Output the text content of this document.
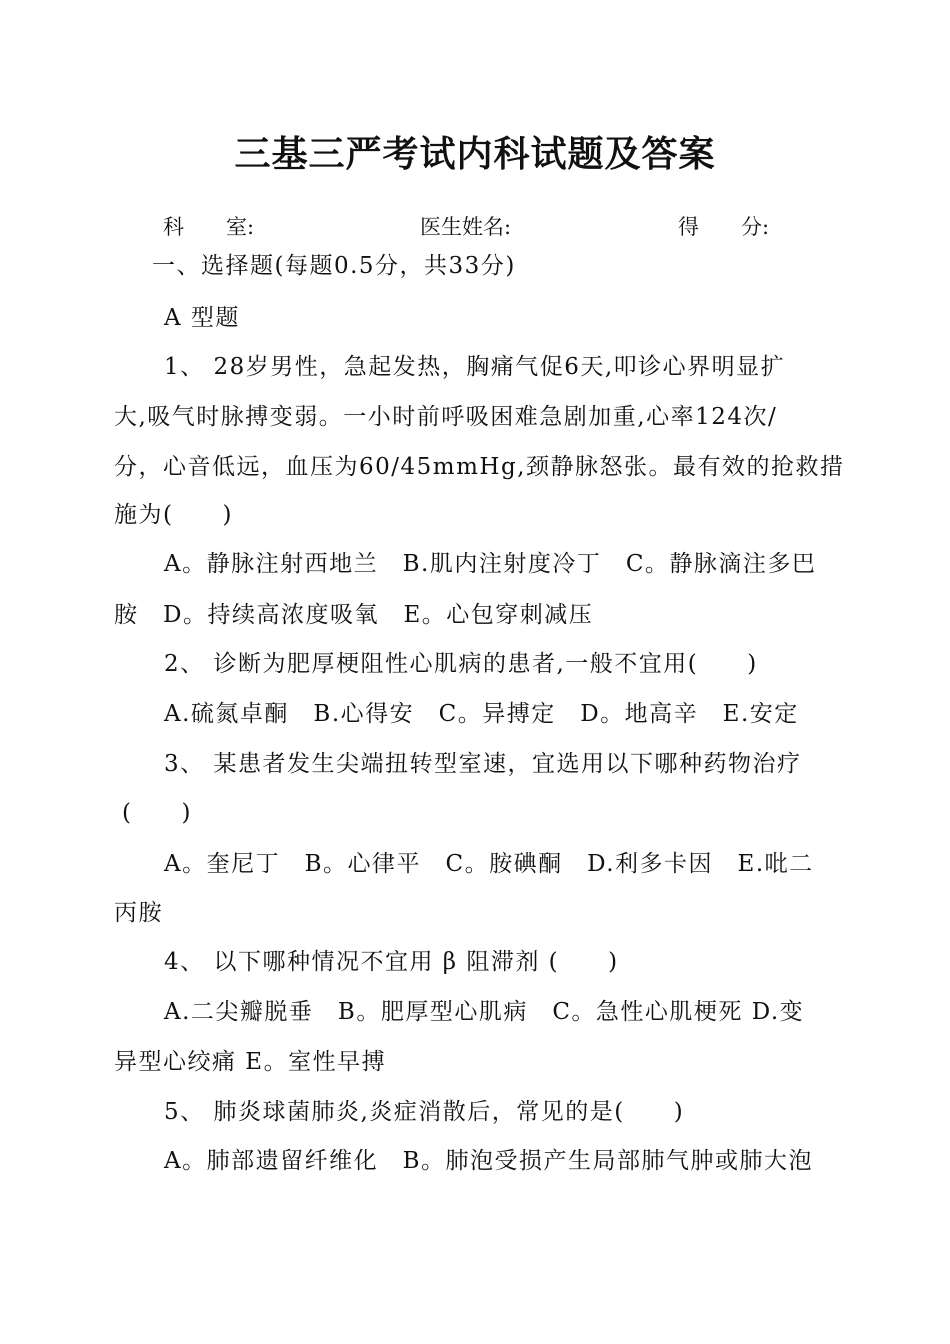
三基三严考试内科试题及答案
科　　室:	医生姓名:	得　　分:
一、选择题(每题0.5分，共33分)
A 型题
1、 28岁男性，急起发热，胸痛气促6天,叩诊心界明显扩
大,吸气时脉搏变弱。一小时前呼吸困难急剧加重,心率124次/
分，心音低远，血压为60/45mmHg,颈静脉怒张。最有效的抢救措
施为(　　)
A。静脉注射西地兰　B.肌内注射度冷丁　C。静脉滴注多巴
胺　D。持续高浓度吸氧　E。心包穿刺减压
2、 诊断为肥厚梗阻性心肌病的患者,一般不宜用(　　)
A.硫氮卓酮　B.心得安　C。异搏定　D。地高辛　E.安定
3、 某患者发生尖端扭转型室速，宜选用以下哪种药物治疗
(　　)
A。奎尼丁　B。心律平　C。胺碘酮　D.利多卡因　E.吡二
丙胺
4、 以下哪种情况不宜用 β 阻滞剂 (　　)
A.二尖瓣脱垂　B。肥厚型心肌病　C。急性心肌梗死 D.变
异型心绞痛 E。室性早搏
5、 肺炎球菌肺炎,炎症消散后，常见的是(　　)
A。肺部遗留纤维化　B。肺泡受损产生局部肺气肿或肺大泡
